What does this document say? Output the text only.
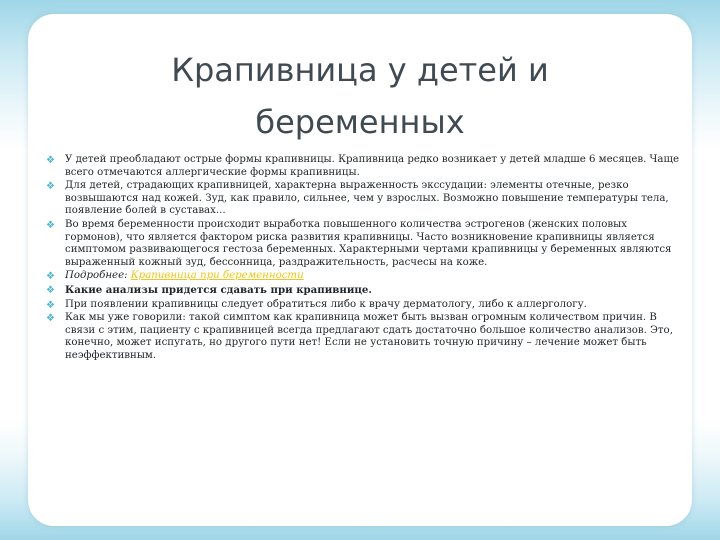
Крапивница у детей и
беременных
❖ У детей преобладают острые формы крапивницы. Крапивница редко возникает у детей младше 6 месяцев. Чаще всего отмечаются аллергические формы крапивницы.
❖ Для детей, страдающих крапивницей, характерна выраженность экссудации: элементы отечные, резко возвышаются над кожей. Зуд, как правило, сильнее, чем у взрослых. Возможно повышение температуры тела, появление болей в суставах...
❖ Во время беременности происходит выработка повышенного количества эстрогенов (женских половых гормонов), что является фактором риска развития крапивницы. Часто возникновение крапивницы является симптомом развивающегося гестоза беременных. Характерными чертами крапивницы у беременных являются выраженный кожный зуд, бессонница, раздражительность, расчесы на коже.
❖ Подробнее: Крапивница при беременности
❖ Какие анализы придется сдавать при крапивнице.
❖ При появлении крапивницы следует обратиться либо к врачу дерматологу, либо к аллергологу.
❖ Как мы уже говорили: такой симптом как крапивница может быть вызван огромным количеством причин. В связи с этим, пациенту с крапивницей всегда предлагают сдать достаточно большое количество анализов. Это, конечно, может испугать, но другого пути нет! Если не установить точную причину – лечение может быть неэффективным.
